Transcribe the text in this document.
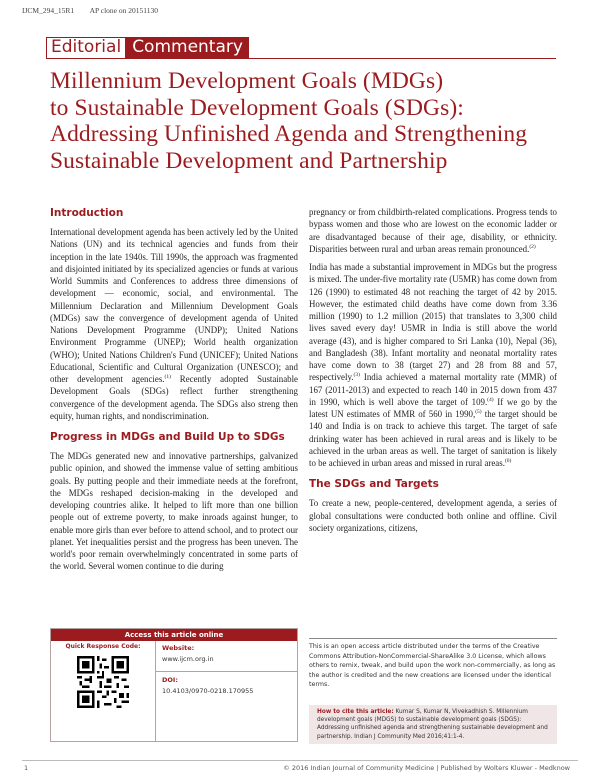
IJCM_294_15R1 AP clone on 20151130
Editorial Commentary
Millennium Development Goals (MDGs)
to Sustainable Development Goals (SDGs):
Addressing Unfinished Agenda and Strengthening
Sustainable Development and Partnership
Introduction

International development agenda has been actively led by the United Nations (UN) and its technical agencies and funds from their inception in the late 1940s. Till 1990s, the approach was fragmented and disjointed initiated by its specialized agencies or funds at various World Summits and Conferences to address three dimensions of development — economic, social, and environmental. The Millennium Declaration and Millennium Development Goals (MDGs) saw the convergence of development agenda of United Nations Development Programme (UNDP); United Nations Environment Programme (UNEP); World health organization (WHO); United Nations Children's Fund (UNICEF); United Nations Educational, Scientific and Cultural Organization (UNESCO); and other development agencies.$^{(1)}$ Recently adopted Sustainable Development Goals (SDGs) reflect further strengthening convergence of the development agenda. The SDGs also streng then equity, human rights, and nondiscrimination.

Progress in MDGs and Build Up to SDGs

The MDGs generated new and innovative partnerships, galvanized public opinion, and showed the immense value of setting ambitious goals. By putting people and their immediate needs at the forefront, the MDGs reshaped decision-making in the developed and developing countries alike. It helped to lift more than one billion people out of extreme poverty, to make inroads against hunger, to enable more girls than ever before to attend school, and to protect our planet. Yet inequalities persist and the progress has been uneven. The world's poor remain overwhelmingly concentrated in some parts of the world. Several women continue to die during

pregnancy or from childbirth-related complications. Progress tends to bypass women and those who are lowest on the economic ladder or are disadvantaged because of their age, disability, or ethnicity. Disparities between rural and urban areas remain pronounced.$^{(2)}$

India has made a substantial improvement in MDGs but the progress is mixed. The under-five mortality rate (U5MR) has come down from 126 (1990) to estimated 48 not reaching the target of 42 by 2015. However, the estimated child deaths have come down from 3.36 million (1990) to 1.2 million (2015) that translates to 3,300 child lives saved every day! U5MR in India is still above the world average (43), and is higher compared to Sri Lanka (10), Nepal (36), and Bangladesh (38). Infant mortality and neonatal mortality rates have come down to 38 (target 27) and 28 from 88 and 57, respectively.$^{(3)}$ India achieved a maternal mortality rate (MMR) of 167 (2011-2013) and expected to reach 140 in 2015 down from 437 in 1990, which is well above the target of 109.$^{(4)}$ If we go by the latest UN estimates of MMR of 560 in 1990,$^{(5)}$ the target should be 140 and India is on track to achieve this target. The target of safe drinking water has been achieved in rural areas and is likely to be achieved in the urban areas as well. The target of sanitation is likely to be achieved in urban areas and missed in rural areas.$^{(6)}$

The SDGs and Targets

To create a new, people-centered, development agenda, a series of global consultations were conducted both online and offline. Civil society organizations, citizens,

Access this article online
Quick Response Code:	Website:
www.ijcm.org.in
DOI:
10.4103/0970-0218.170955
This is an open access article distributed under the terms of the Creative Commons Attribution-NonCommercial-ShareAlike 3.0 License, which allows others to remix, tweak, and build upon the work non-commercially, as long as the author is credited and the new creations are licensed under the identical terms.
How to cite this article: Kumar S, Kumar N, Vivekadhish S. Millennium development goals (MDGS) to sustainable development goals (SDGS): Addressing unfinished agenda and strengthening sustainable development and partnership. Indian J Community Med 2016;41:1-4.
1	© 2016 Indian Journal of Community Medicine | Published by Wolters Kluwer - Medknow
